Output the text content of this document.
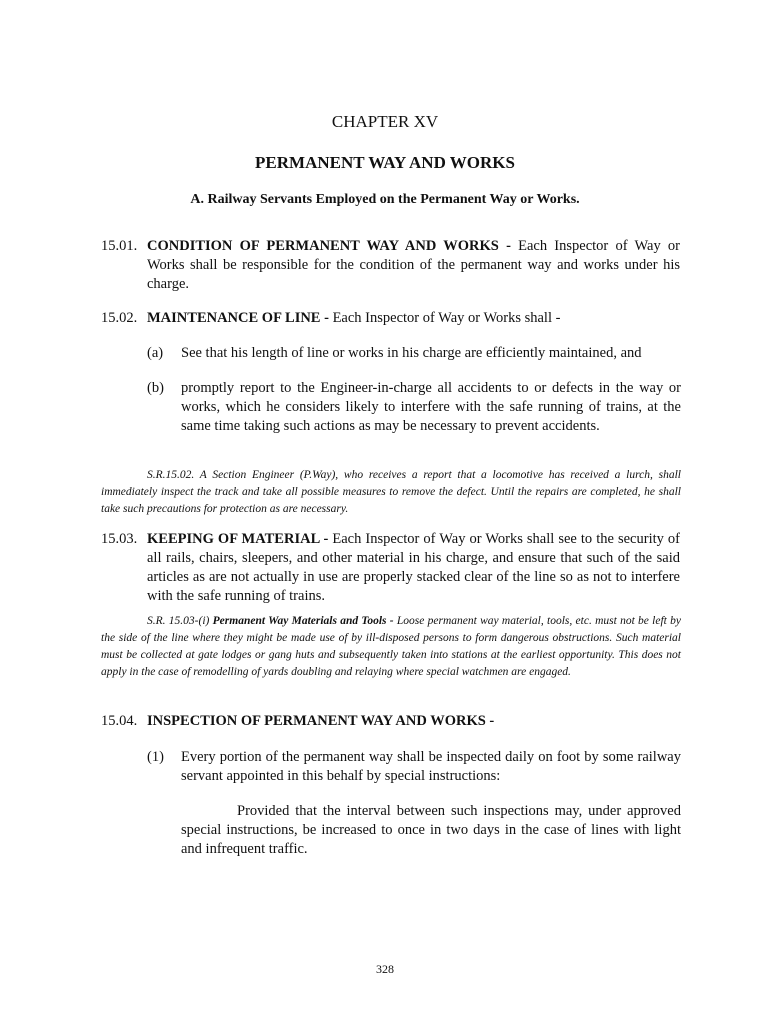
CHAPTER XV
PERMANENT WAY AND WORKS
A. Railway Servants Employed on the Permanent Way or Works.
15.01. CONDITION OF PERMANENT WAY AND WORKS - Each Inspector of Way or Works shall be responsible for the condition of the permanent way and works under his charge.
15.02. MAINTENANCE OF LINE - Each Inspector of Way or Works shall -
(a) See that his length of line or works in his charge are efficiently maintained, and
(b) promptly report to the Engineer-in-charge all accidents to or defects in the way or works, which he considers likely to interfere with the safe running of trains, at the same time taking such actions as may be necessary to prevent accidents.
S.R.15.02. A Section Engineer (P.Way), who receives a report that a locomotive has received a lurch, shall immediately inspect the track and take all possible measures to remove the defect. Until the repairs are completed, he shall take such precautions for protection as are necessary.
15.03. KEEPING OF MATERIAL - Each Inspector of Way or Works shall see to the security of all rails, chairs, sleepers, and other material in his charge, and ensure that such of the said articles as are not actually in use are properly stacked clear of the line so as not to interfere with the safe running of trains.
S.R. 15.03-(i) Permanent Way Materials and Tools - Loose permanent way material, tools, etc. must not be left by the side of the line where they might be made use of by ill-disposed persons to form dangerous obstructions. Such material must be collected at gate lodges or gang huts and subsequently taken into stations at the earliest opportunity. This does not apply in the case of remodelling of yards doubling and relaying where special watchmen are engaged.
15.04. INSPECTION OF PERMANENT WAY AND WORKS -
(1) Every portion of the permanent way shall be inspected daily on foot by some railway servant appointed in this behalf by special instructions:
Provided that the interval between such inspections may, under approved special instructions, be increased to once in two days in the case of lines with light and infrequent traffic.
328
